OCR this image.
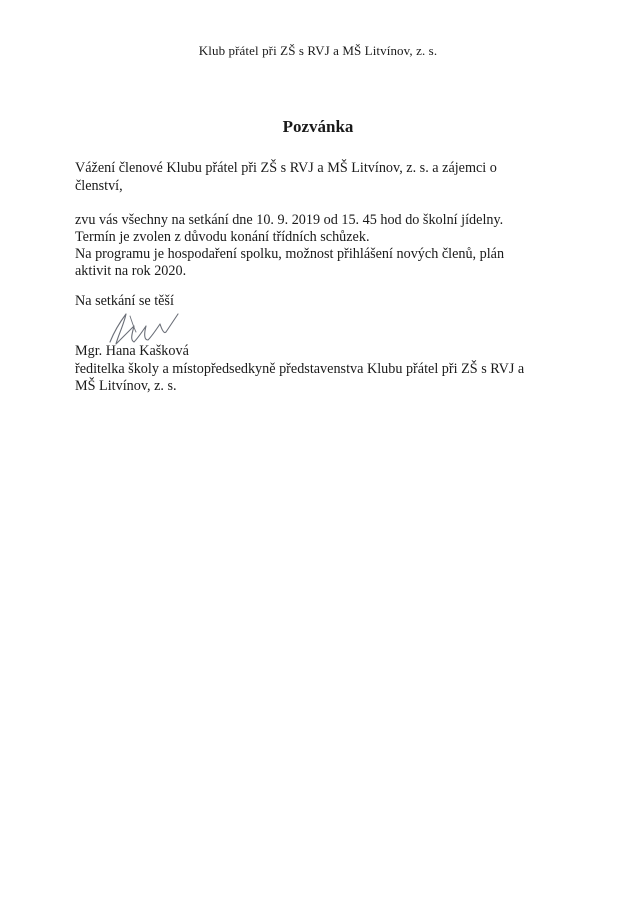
Klub přátel při ZŠ s RVJ a MŠ Litvínov, z. s.
Pozvánka
Vážení členové Klubu přátel při ZŠ s RVJ a MŠ Litvínov, z. s. a zájemci o
členství,
zvu vás všechny na setkání dne 10. 9. 2019 od 15. 45 hod do školní jídelny.
Termín je zvolen z důvodu konání třídních schůzek.
Na programu je hospodaření spolku, možnost přihlášení nových členů, plán
aktivit na rok 2020.
Na setkání se těší
Mgr. Hana Kašková
ředitelka školy a místopředsedkyně představenstva Klubu přátel při ZŠ s RVJ a
MŠ Litvínov, z. s.
